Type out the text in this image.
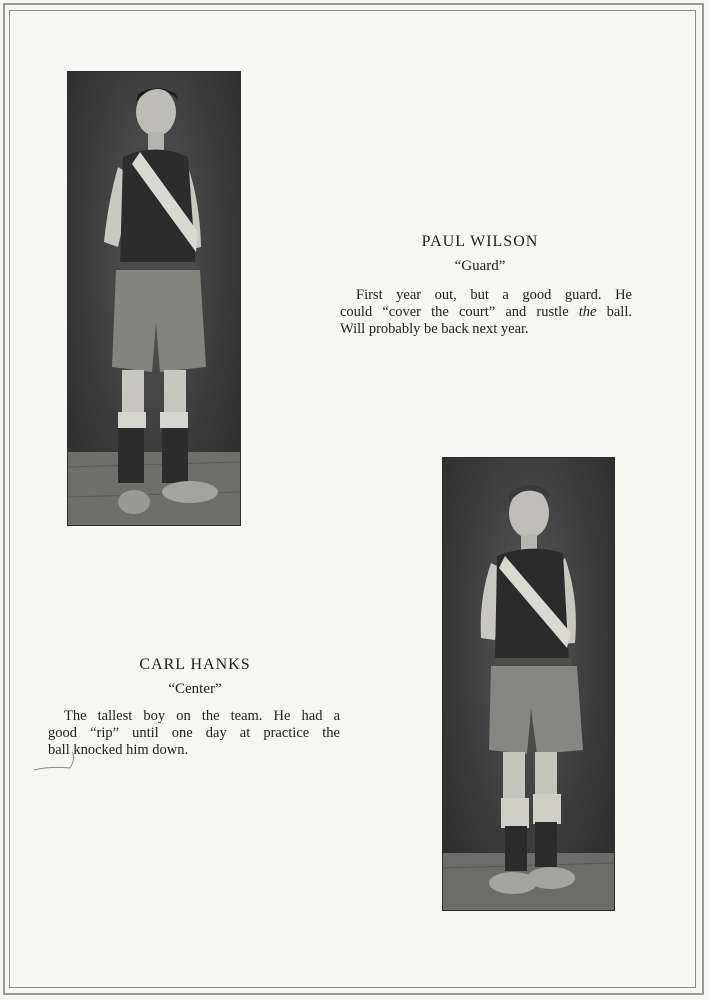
PAUL WILSON
“Guard”
First year out, but a good guard. He
could “cover the court” and rustle the ball.
Will probably be back next year.
CARL HANKS
“Center”
The tallest boy on the team. He had a
good “rip” until one day at practice the
ball knocked him down.
